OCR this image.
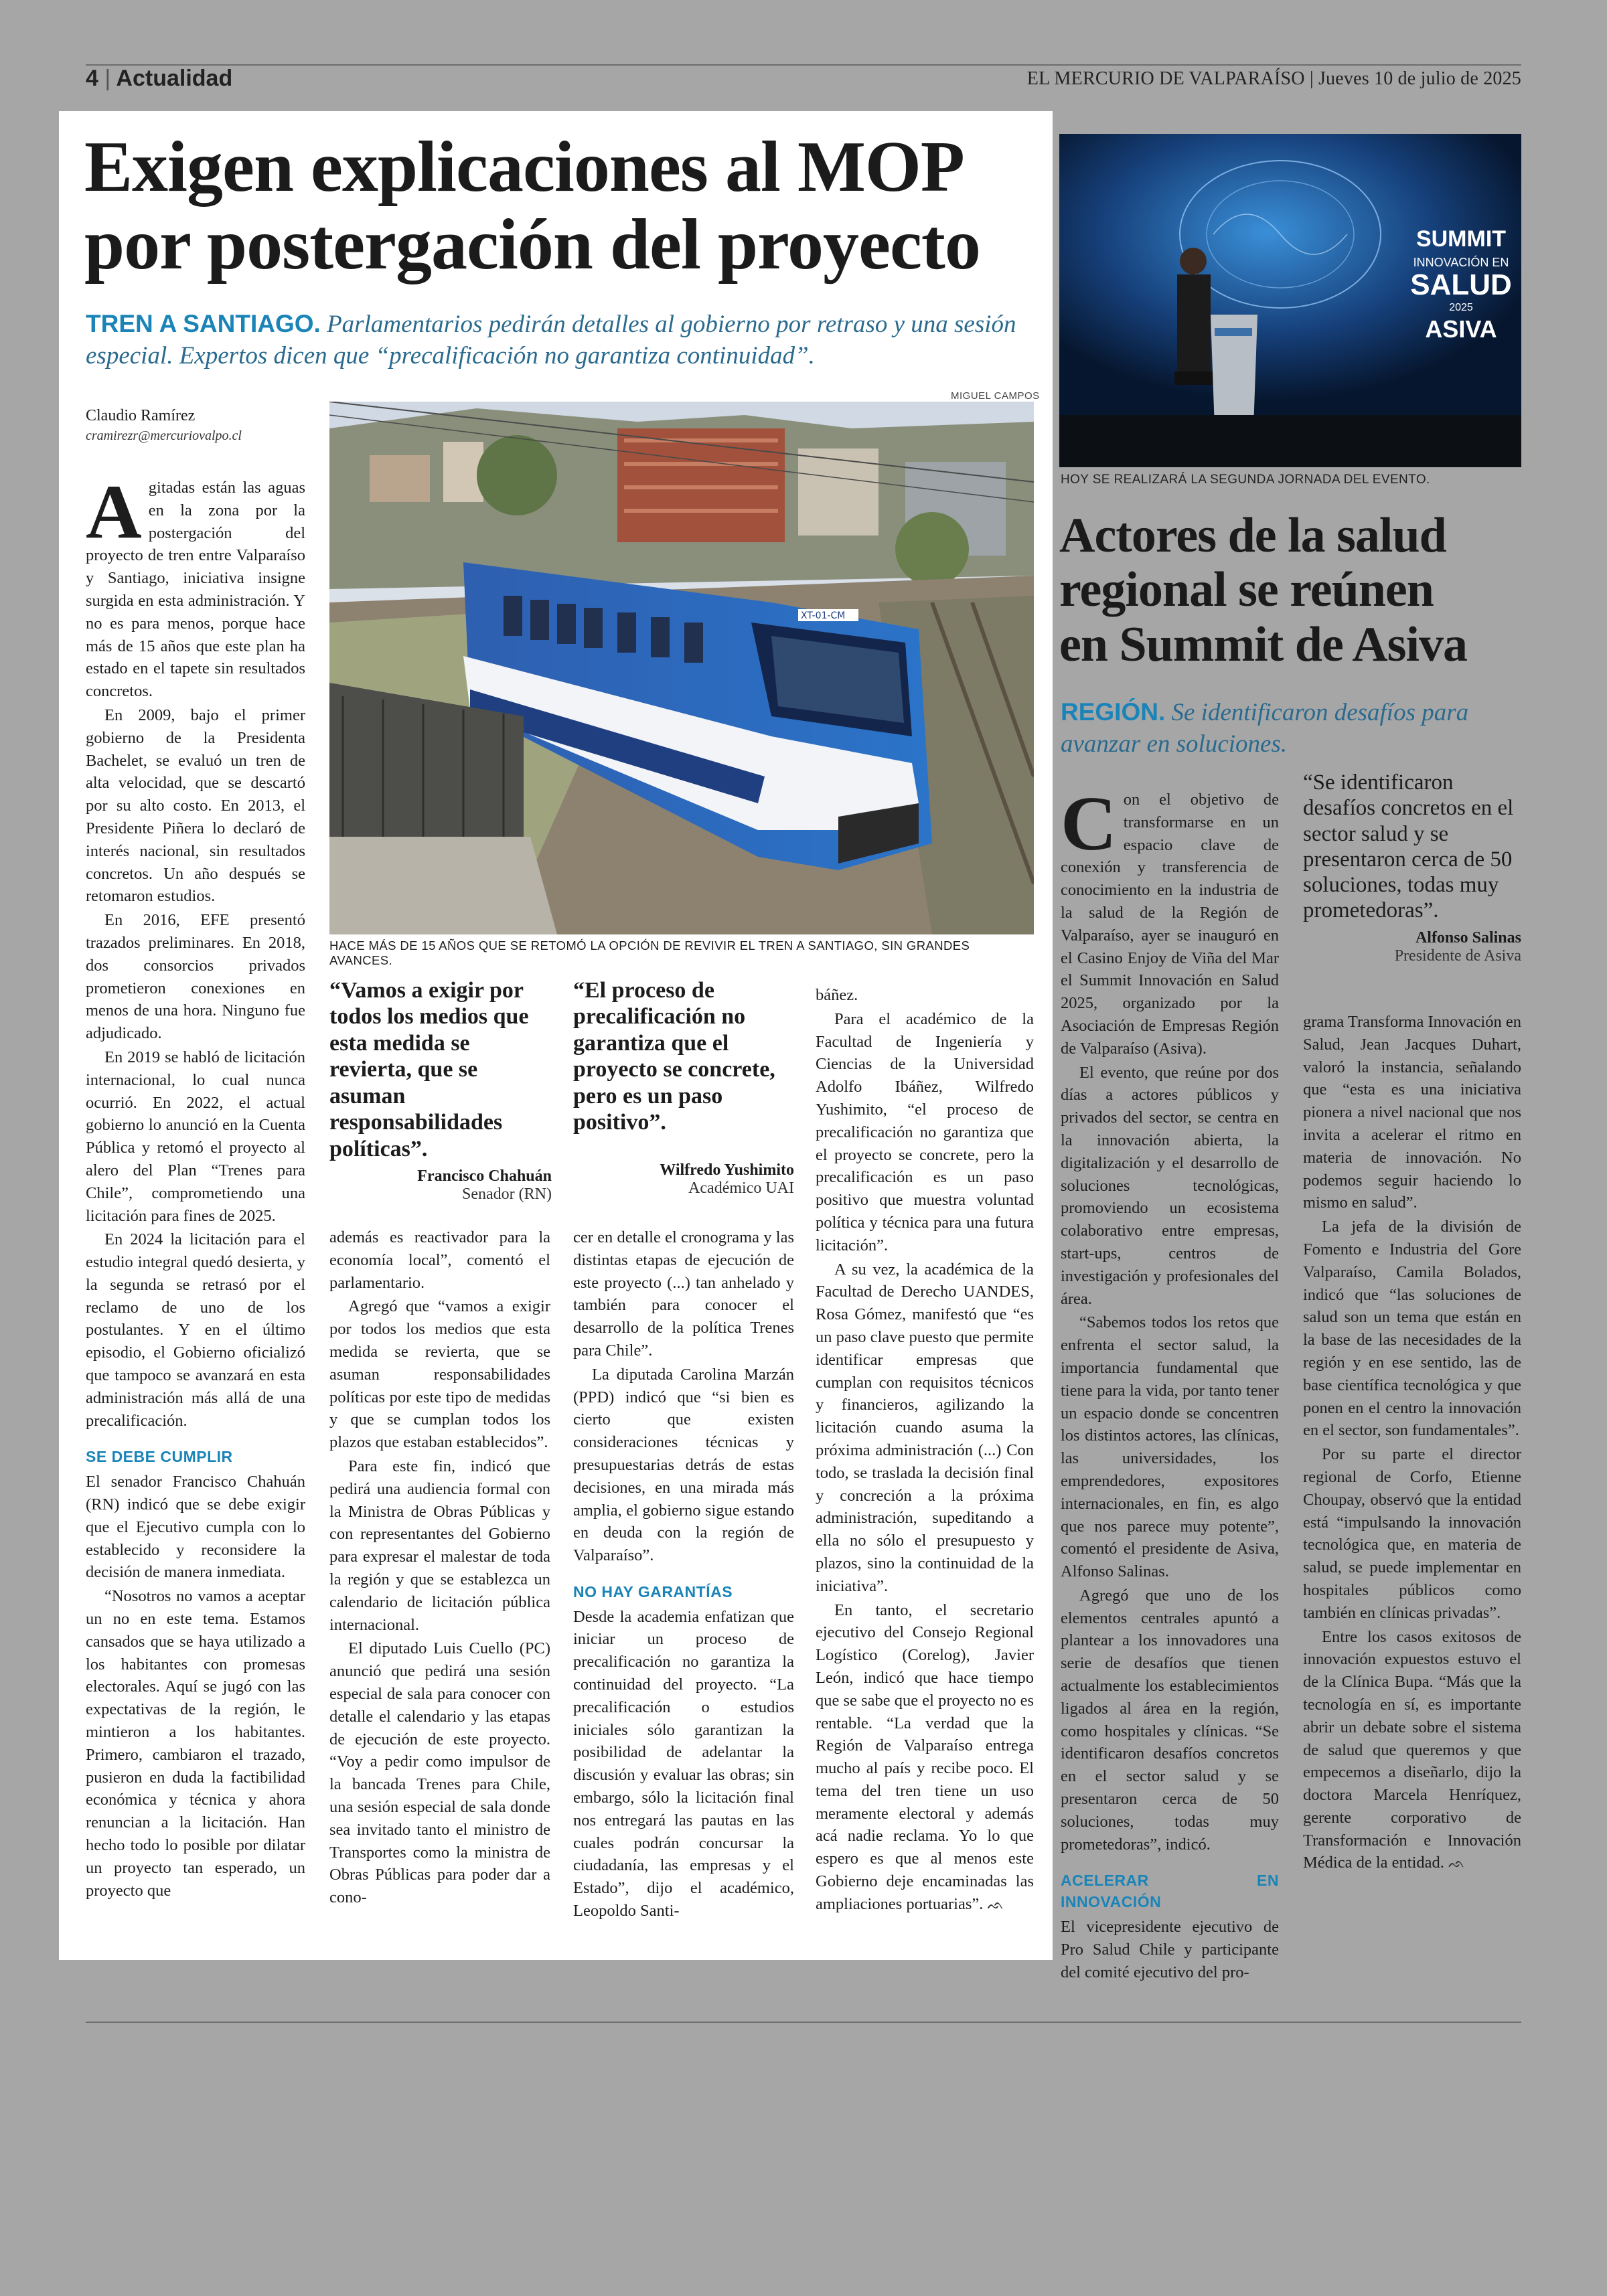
4 | Actualidad	EL MERCURIO DE VALPARAÍSO | Jueves 10 de julio de 2025
Exigen explicaciones al MOP
por postergación del proyecto
TREN A SANTIAGO. Parlamentarios pedirán detalles al gobierno por retraso y una sesión especial. Expertos dicen que “precalificación no garantiza continuidad”.
Claudio Ramírez
cramirezr@mercuriovalpo.cl
MIGUEL CAMPOS
XT-01-CM
HACE MÁS DE 15 AÑOS QUE SE RETOMÓ LA OPCIÓN DE REVIVIR EL TREN A SANTIAGO, SIN GRANDES AVANCES.

Agitadas están las aguas en la zona por la postergación del proyecto de tren entre Valparaíso y Santiago, iniciativa insigne surgida en esta administración. Y no es para menos, porque hace más de 15 años que este plan ha estado en el tapete sin resultados concretos.

En 2009, bajo el primer gobierno de la Presidenta Bachelet, se evaluó un tren de alta velocidad, que se descartó por su alto costo. En 2013, el Presidente Piñera lo declaró de interés nacional, sin resultados concretos. Un año después se retomaron estudios.

En 2016, EFE presentó trazados preliminares. En 2018, dos consorcios privados prometieron conexiones en menos de una hora. Ninguno fue adjudicado.

En 2019 se habló de licitación internacional, lo cual nunca ocurrió. En 2022, el actual gobierno lo anunció en la Cuenta Pública y retomó el proyecto al alero del Plan “Trenes para Chile”, comprometiendo una licitación para fines de 2025.

En 2024 la licitación para el estudio integral quedó desierta, y la segunda se retrasó por el reclamo de uno de los postulantes. Y en el último episodio, el Gobierno oficializó que tampoco se avanzará en esta administración más allá de una precalificación.

SE DEBE CUMPLIR

El senador Francisco Chahuán (RN) indicó que se debe exigir que el Ejecutivo cumpla con lo establecido y reconsidere la decisión de manera inmediata.

“Nosotros no vamos a aceptar un no en este tema. Estamos cansados que se haya utilizado a los habitantes con promesas electorales. Aquí se jugó con las expectativas de la región, le mintieron a los habitantes. Primero, cambiaron el trazado, pusieron en duda la factibilidad económica y técnica y ahora renuncian a la licitación. Han hecho todo lo posible por dilatar un proyecto tan esperado, un proyecto que

“Vamos a exigir por todos los medios que esta medida se revierta, que se asuman responsabilidades políticas”.
Francisco Chahuán
Senador (RN)
“El proceso de precalificación no garantiza que el proyecto se concrete, pero es un paso positivo”.
Wilfredo Yushimito
Académico UAI

además es reactivador para la economía local”, comentó el parlamentario.

Agregó que “vamos a exigir por todos los medios que esta medida se revierta, que se asuman responsabilidades políticas por este tipo de medidas y que se cumplan todos los plazos que estaban establecidos”.

Para este fin, indicó que pedirá una audiencia formal con la Ministra de Obras Públicas y con representantes del Gobierno para expresar el malestar de toda la región y que se establezca un calendario de licitación pública internacional.

El diputado Luis Cuello (PC) anunció que pedirá una sesión especial de sala para conocer con detalle el calendario y las etapas de ejecución de este proyecto. “Voy a pedir como impulsor de la bancada Trenes para Chile, una sesión especial de sala donde sea invitado tanto el ministro de Transportes como la ministra de Obras Públicas para poder dar a cono-

cer en detalle el cronograma y las distintas etapas de ejecución de este proyecto (...) tan anhelado y también para conocer el desarrollo de la política Trenes para Chile”.

La diputada Carolina Marzán (PPD) indicó que “si bien es cierto que existen consideraciones técnicas y presupuestarias detrás de estas decisiones, en una mirada más amplia, el gobierno sigue estando en deuda con la región de Valparaíso”.

NO HAY GARANTÍAS

Desde la academia enfatizan que iniciar un proceso de precalificación no garantiza la continuidad del proyecto. “La precalificación o estudios iniciales sólo garantizan la posibilidad de adelantar la discusión y evaluar las obras; sin embargo, sólo la licitación final nos entregará las pautas en las cuales podrán concursar la ciudadanía, las empresas y el Estado”, dijo el académico, Leopoldo Santi-

báñez.

Para el académico de la Facultad de Ingeniería y Ciencias de la Universidad Adolfo Ibáñez, Wilfredo Yushimito, “el proceso de precalificación no garantiza que el proyecto se concrete, pero la precalificación es un paso positivo que muestra voluntad política y técnica para una futura licitación”.

A su vez, la académica de la Facultad de Derecho UANDES, Rosa Gómez, manifestó que “es un paso clave puesto que permite identificar empresas que cumplan con requisitos técnicos y financieros, agilizando la licitación cuando asuma la próxima administración (...) Con todo, se traslada la decisión final y concreción a la próxima administración, supeditando a ella no sólo el presupuesto y plazos, sino la continuidad de la iniciativa”.

En tanto, el secretario ejecutivo del Consejo Regional Logístico (Corelog), Javier León, indicó que hace tiempo que se sabe que el proyecto no es rentable. “La verdad que la Región de Valparaíso entrega mucho al país y recibe poco. El tema del tren tiene un uso meramente electoral y además acá nadie reclama. Yo lo que espero es que al menos este Gobierno deje encaminadas las ampliaciones portuarias”. ᨒ

SUMMIT
INNOVACIÓN EN
SALUD
2025
ASIVA
HOY SE REALIZARÁ LA SEGUNDA JORNADA DEL EVENTO.
Actores de la salud
regional se reúnen
en Summit de Asiva
REGIÓN. Se identificaron desafíos para avanzar en soluciones.

Con el objetivo de transformarse en un espacio clave de conexión y transferencia de conocimiento en la industria de la salud de la Región de Valparaíso, ayer se inauguró en el Casino Enjoy de Viña del Mar el Summit Innovación en Salud 2025, organizado por la Asociación de Empresas Región de Valparaíso (Asiva).

El evento, que reúne por dos días a actores públicos y privados del sector, se centra en la innovación abierta, la digitalización y el desarrollo de soluciones tecnológicas, promoviendo un ecosistema colaborativo entre empresas, start-ups, centros de investigación y profesionales del área.

“Sabemos todos los retos que enfrenta el sector salud, la importancia fundamental que tiene para la vida, por tanto tener un espacio donde se concentren los distintos actores, las clínicas, las universidades, los emprendedores, expositores internacionales, en fin, es algo que nos parece muy potente”, comentó el presidente de Asiva, Alfonso Salinas.

Agregó que uno de los elementos centrales apuntó a plantear a los innovadores una serie de desafíos que tienen actualmente los establecimientos ligados al área en la región, como hospitales y clínicas. “Se identificaron desafíos concretos en el sector salud y se presentaron cerca de 50 soluciones, todas muy prometedoras”, indicó.

ACELERAR EN INNOVACIÓN

El vicepresidente ejecutivo de Pro Salud Chile y participante del comité ejecutivo del pro-

“Se identificaron desafíos concretos en el sector salud y se presentaron cerca de 50 soluciones, todas muy prometedoras”.
Alfonso Salinas
Presidente de Asiva

grama Transforma Innovación en Salud, Jean Jacques Duhart, valoró la instancia, señalando que “esta es una iniciativa pionera a nivel nacional que nos invita a acelerar el ritmo en materia de innovación. No podemos seguir haciendo lo mismo en salud”.

La jefa de la división de Fomento e Industria del Gore Valparaíso, Camila Bolados, indicó que “las soluciones de salud son un tema que están en la base de las necesidades de la región y en ese sentido, las de base científica tecnológica y que ponen en el centro la innovación en el sector, son fundamentales”.

Por su parte el director regional de Corfo, Etienne Choupay, observó que la entidad está “impulsando la innovación tecnológica que, en materia de salud, se puede implementar en hospitales públicos como también en clínicas privadas”.

Entre los casos exitosos de innovación expuestos estuvo el de la Clínica Bupa. “Más que la tecnología en sí, es importante abrir un debate sobre el sistema de salud que queremos y que empecemos a diseñarlo, dijo la doctora Marcela Henríquez, gerente corporativo de Transformación e Innovación Médica de la entidad. ᨒ
